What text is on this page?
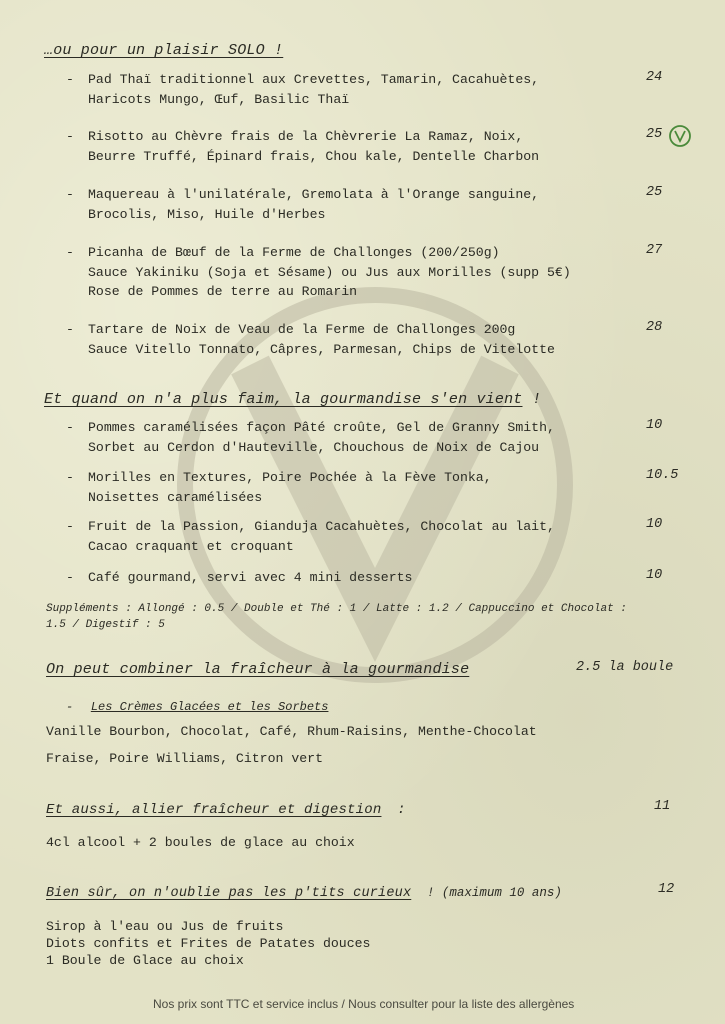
…ou pour un plaisir SOLO !
- Pad Thaï traditionnel aux Crevettes, Tamarin, Cacahuètes,
Haricots Mungo, Œuf, Basilic Thaï
24
- Risotto au Chèvre frais de la Chèvrerie La Ramaz, Noix,
Beurre Truffé, Épinard frais, Chou kale, Dentelle Charbon
25
- Maquereau à l'unilatérale, Gremolata à l'Orange sanguine,
Brocolis, Miso, Huile d'Herbes
25
- Picanha de Bœuf de la Ferme de Challonges (200/250g)
Sauce Yakiniku (Soja et Sésame) ou Jus aux Morilles (supp 5€)
Rose de Pommes de terre au Romarin
27
- Tartare de Noix de Veau de la Ferme de Challonges 200g
Sauce Vitello Tonnato, Câpres, Parmesan, Chips de Vitelotte
28
Et quand on n'a plus faim, la gourmandise s'en vient !
- Pommes caramélisées façon Pâté croûte, Gel de Granny Smith,
Sorbet au Cerdon d'Hauteville, Chouchous de Noix de Cajou
10
- Morilles en Textures, Poire Pochée à la Fève Tonka,
Noisettes caramélisées
10.5
- Fruit de la Passion, Gianduja Cacahuètes, Chocolat au lait,
Cacao craquant et croquant
10
- Café gourmand, servi avec 4 mini desserts	10
Suppléments : Allongé : 0.5 / Double et Thé : 1 / Latte : 1.2 / Cappuccino et Chocolat :
1.5 / Digestif : 5
On peut combiner la fraîcheur à la gourmandise	2.5 la boule
- Les Crèmes Glacées et les Sorbets
Vanille Bourbon, Chocolat, Café, Rhum-Raisins, Menthe-Chocolat
Fraise, Poire Williams, Citron vert
Et aussi, allier fraîcheur et digestion :	11
4cl alcool + 2 boules de glace au choix
Bien sûr, on n'oublie pas les p'tits curieux ! (maximum 10 ans)	12
Sirop à l'eau ou Jus de fruits
Diots confits et Frites de Patates douces
1 Boule de Glace au choix
Nos prix sont TTC et service inclus / Nous consulter pour la liste des allergènes
